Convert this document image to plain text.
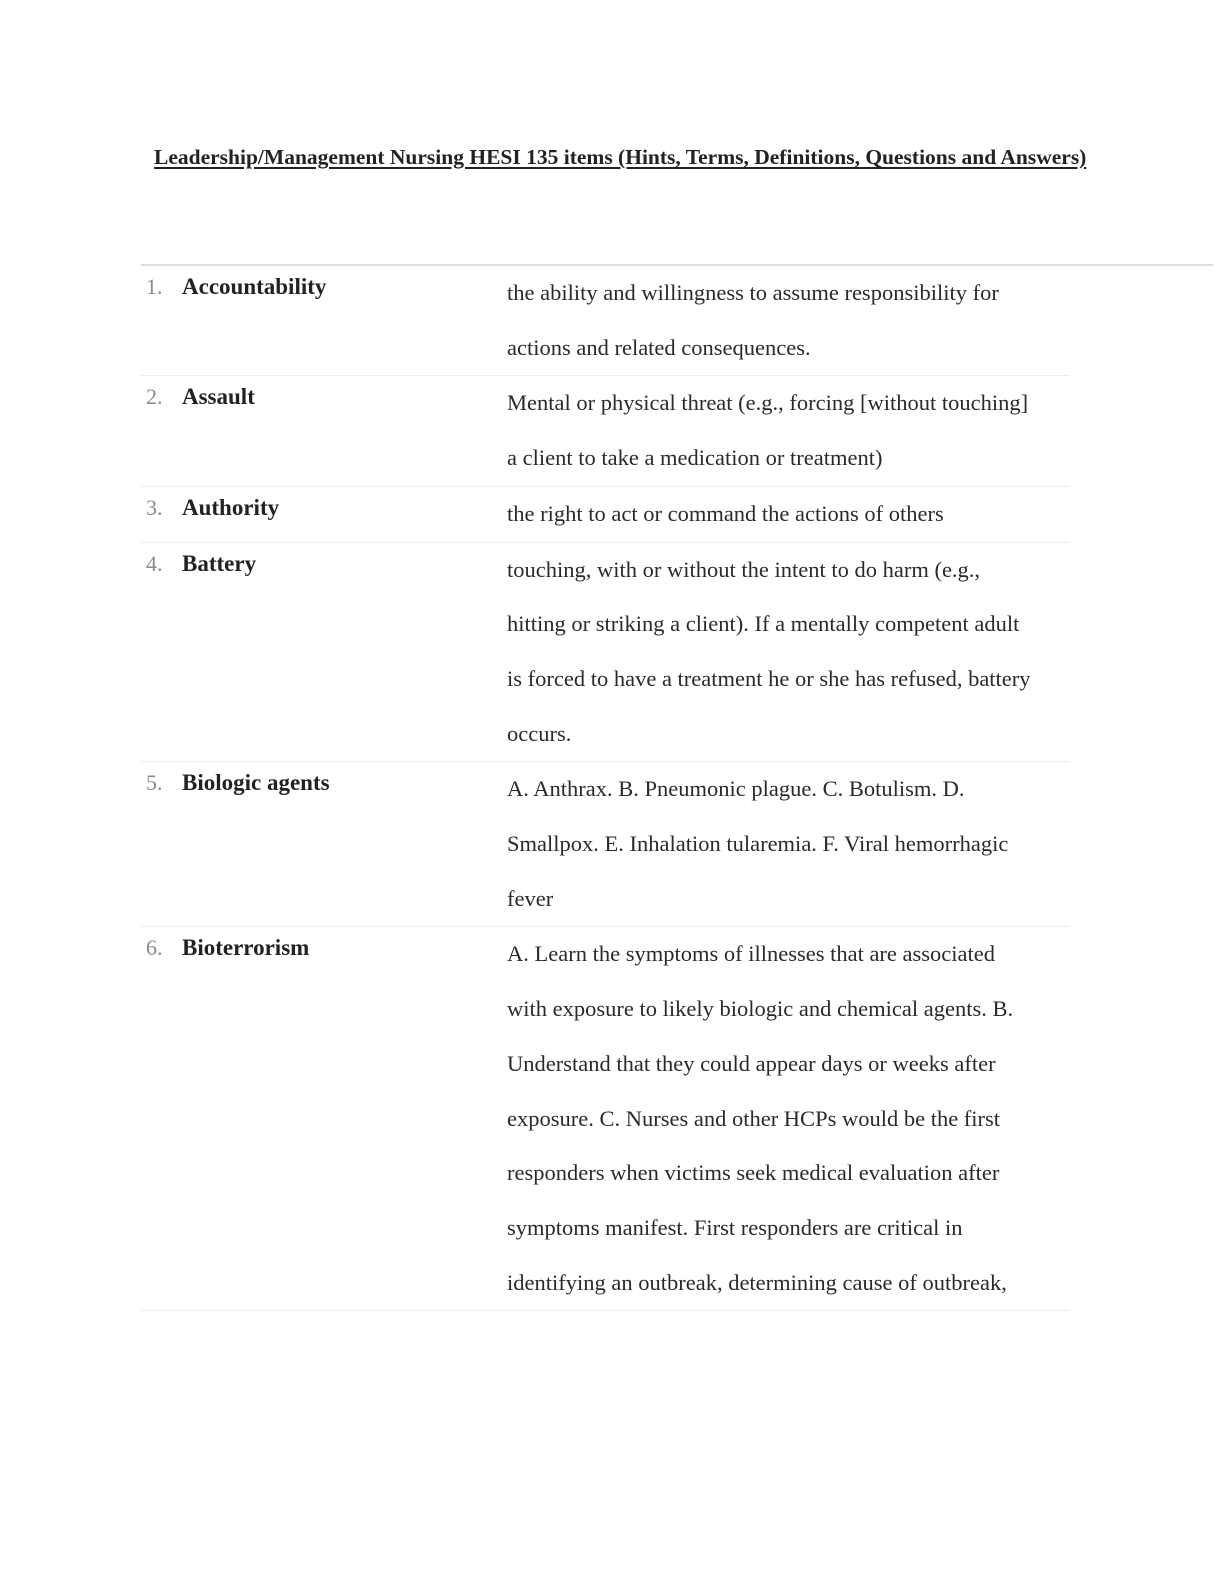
Leadership/Management Nursing HESI 135 items (Hints, Terms, Definitions, Questions and Answers)
1. Accountability	the ability and willingness to assume responsibility for
actions and related consequences.
2. Assault	Mental or physical threat (e.g., forcing [without touching]
a client to take a medication or treatment)
3. Authority	the right to act or command the actions of others
4. Battery	touching, with or without the intent to do harm (e.g.,
hitting or striking a client). If a mentally competent adult
is forced to have a treatment he or she has refused, battery
occurs.
5. Biologic agents	A. Anthrax. B. Pneumonic plague. C. Botulism. D.
Smallpox. E. Inhalation tularemia. F. Viral hemorrhagic
fever
6. Bioterrorism	A. Learn the symptoms of illnesses that are associated
with exposure to likely biologic and chemical agents. B.
Understand that they could appear days or weeks after
exposure. C. Nurses and other HCPs would be the first
responders when victims seek medical evaluation after
symptoms manifest. First responders are critical in
identifying an outbreak, determining cause of outbreak,
